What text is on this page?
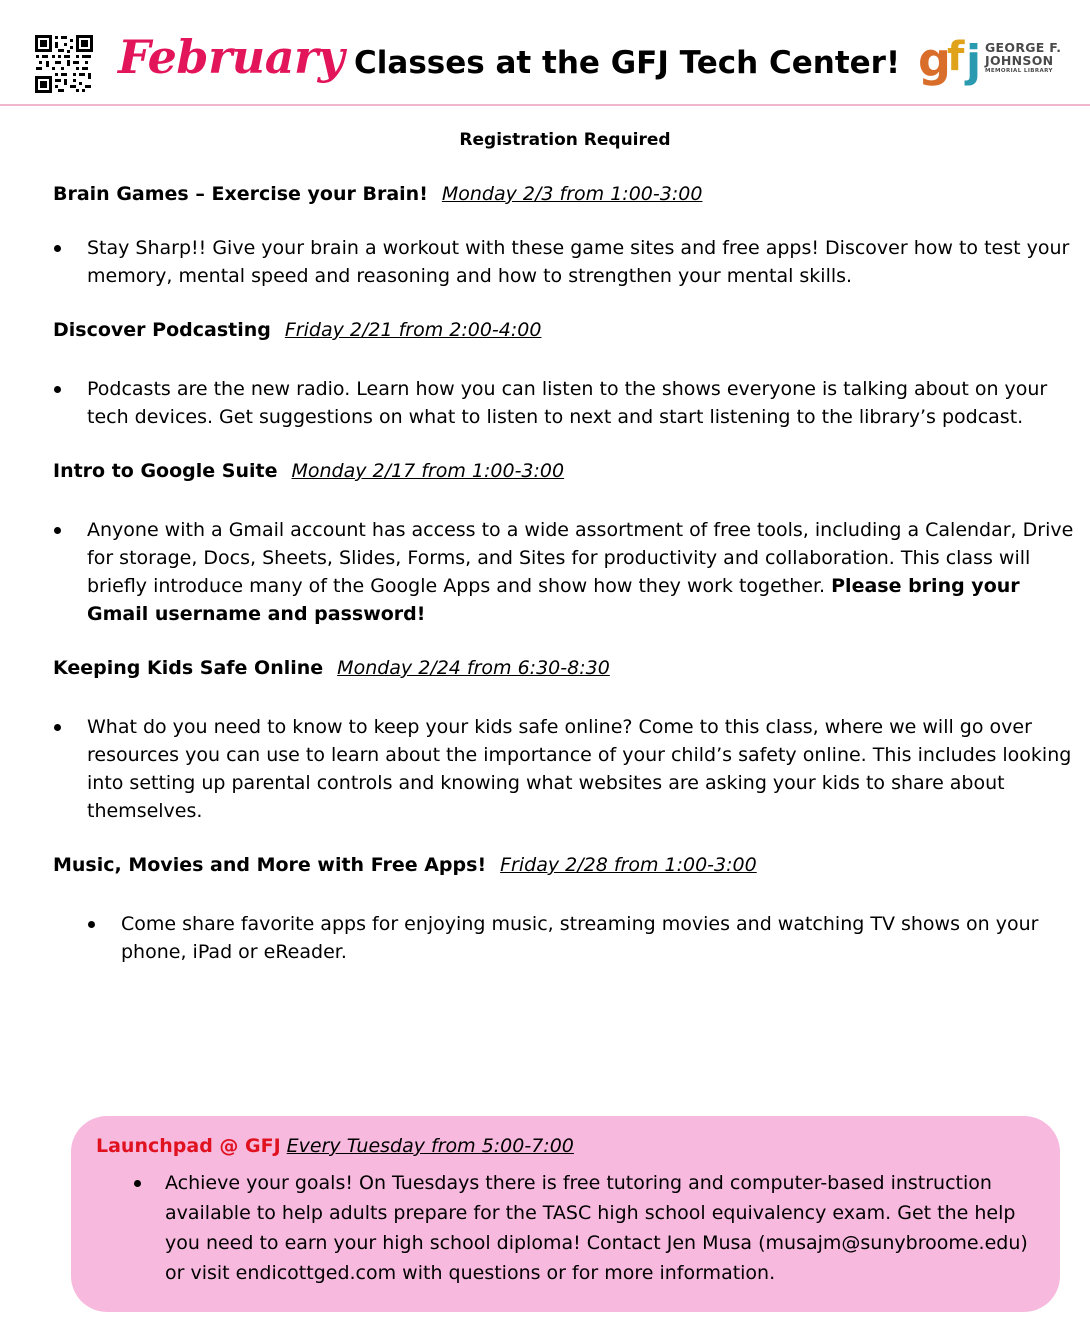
February Classes at the GFJ Tech Center! g
f j GEORGE F.
JOHNSON
MEMORIAL LIBRARY
Registration Required
Brain Games – Exercise your Brain! Monday 2/3 from 1:00-3:00
Stay Sharp!! Give your brain a workout with these game sites and free apps! Discover how to test your memory, mental speed and reasoning and how to strengthen your mental skills.
Discover Podcasting Friday 2/21 from 2:00-4:00
Podcasts are the new radio. Learn how you can listen to the shows everyone is talking about on your tech devices. Get suggestions on what to listen to next and start listening to the library’s podcast.
Intro to Google Suite Monday 2/17 from 1:00-3:00
Anyone with a Gmail account has access to a wide assortment of free tools, including a Calendar, Drive for storage, Docs, Sheets, Slides, Forms, and Sites for productivity and collaboration. This class will briefly introduce many of the Google Apps and show how they work together. Please bring your Gmail username and password!
Keeping Kids Safe Online Monday 2/24 from 6:30-8:30
What do you need to know to keep your kids safe online? Come to this class, where we will go over resources you can use to learn about the importance of your child’s safety online. This includes looking into setting up parental controls and knowing what websites are asking your kids to share about themselves.
Music, Movies and More with Free Apps! Friday 2/28 from 1:00-3:00
Come share favorite apps for enjoying music, streaming movies and watching TV shows on your phone, iPad or eReader.
Launchpad @ GFJ Every Tuesday from 5:00-7:00
Achieve your goals! On Tuesdays there is free tutoring and computer-based instruction available to help adults prepare for the TASC high school equivalency exam. Get the help you need to earn your high school diploma! Contact Jen Musa (musajm@sunybroome.edu) or visit endicottged.com with questions or for more information.
